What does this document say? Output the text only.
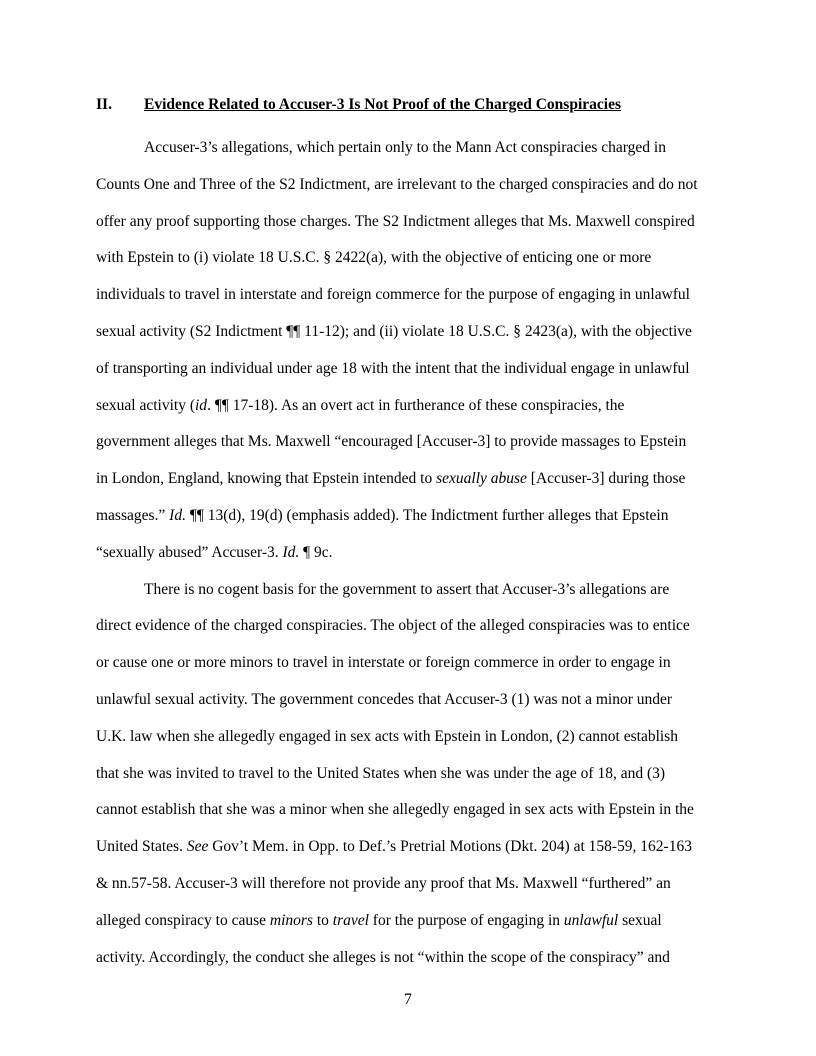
II. Evidence Related to Accuser-3 Is Not Proof of the Charged Conspiracies
Accuser-3’s allegations, which pertain only to the Mann Act conspiracies charged in
Counts One and Three of the S2 Indictment, are irrelevant to the charged conspiracies and do not
offer any proof supporting those charges. The S2 Indictment alleges that Ms. Maxwell conspired
with Epstein to (i) violate 18 U.S.C. § 2422(a), with the objective of enticing one or more
individuals to travel in interstate and foreign commerce for the purpose of engaging in unlawful
sexual activity (S2 Indictment ¶¶ 11-12); and (ii) violate 18 U.S.C. § 2423(a), with the objective
of transporting an individual under age 18 with the intent that the individual engage in unlawful
sexual activity (id. ¶¶ 17-18). As an overt act in furtherance of these conspiracies, the
government alleges that Ms. Maxwell “encouraged [Accuser-3] to provide massages to Epstein
in London, England, knowing that Epstein intended to sexually abuse [Accuser-3] during those
massages.” Id. ¶¶ 13(d), 19(d) (emphasis added). The Indictment further alleges that Epstein
“sexually abused” Accuser-3. Id. ¶ 9c.
There is no cogent basis for the government to assert that Accuser-3’s allegations are
direct evidence of the charged conspiracies. The object of the alleged conspiracies was to entice
or cause one or more minors to travel in interstate or foreign commerce in order to engage in
unlawful sexual activity. The government concedes that Accuser-3 (1) was not a minor under
U.K. law when she allegedly engaged in sex acts with Epstein in London, (2) cannot establish
that she was invited to travel to the United States when she was under the age of 18, and (3)
cannot establish that she was a minor when she allegedly engaged in sex acts with Epstein in the
United States. See Gov’t Mem. in Opp. to Def.’s Pretrial Motions (Dkt. 204) at 158-59, 162-163
& nn.57-58. Accuser-3 will therefore not provide any proof that Ms. Maxwell “furthered” an
alleged conspiracy to cause minors to travel for the purpose of engaging in unlawful sexual
activity. Accordingly, the conduct she alleges is not “within the scope of the conspiracy” and
7
